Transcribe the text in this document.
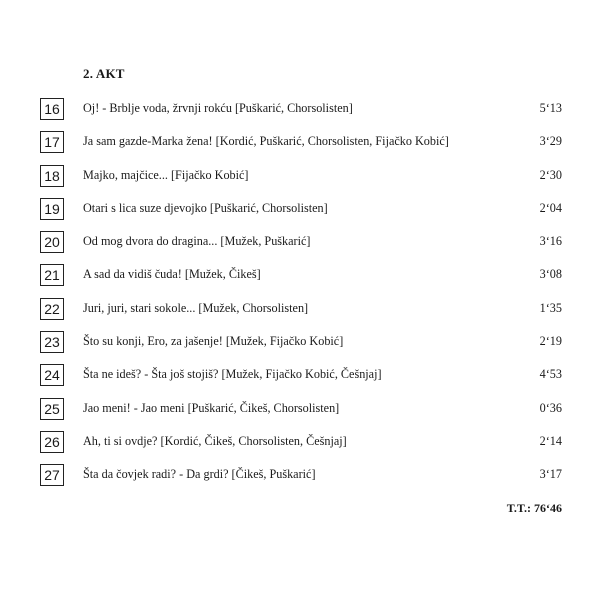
2. AKT
16	Oj! - Brblje voda, žrvnji rokću [Puškarić, Chorsolisten]	5‘13
17	Ja sam gazde-Marka žena! [Kordić, Puškarić, Chorsolisten, Fijačko Kobić]	3‘29
18	Majko, majčice... [Fijačko Kobić]	2‘30
19	Otari s lica suze djevojko [Puškarić, Chorsolisten]	2‘04
20	Od mog dvora do dragina... [Mužek, Puškarić]	3‘16
21	A sad da vidiš čuda! [Mužek, Čikeš]	3‘08
22	Juri, juri, stari sokole... [Mužek, Chorsolisten]	1‘35
23	Što su konji, Ero, za jašenje! [Mužek, Fijačko Kobić]	2‘19
24	Šta ne ideš? - Šta još stojiš? [Mužek, Fijačko Kobić, Češnjaj]	4‘53
25	Jao meni! - Jao meni [Puškarić, Čikeš, Chorsolisten]	0‘36
26	Ah, ti si ovdje? [Kordić, Čikeš, Chorsolisten, Češnjaj]	2‘14
27	Šta da čovjek radi? - Da grdi? [Čikeš, Puškarić]	3‘17
T.T.: 76‘46
